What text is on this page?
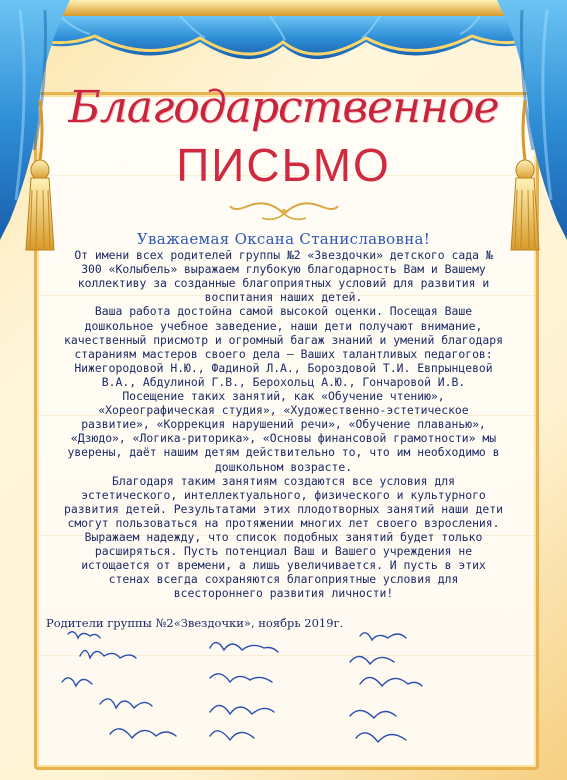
Благодарственное
ПИСЬМО
Уважаемая Оксана Станиславовна!
От имени всех родителей группы №2 «Звездочки» детского сада № 300 «Колыбель» выражаем глубокую благодарность Вам и Вашему коллективу за созданные благоприятных условий для развития и воспитания наших детей.
Ваша работа достойна самой высокой оценки. Посещая Ваше дошкольное учебное заведение, наши дети получают внимание, качественный присмотр и огромный багаж знаний и умений благодаря стараниям мастеров своего дела – Ваших талантливых педагогов: Нижегородовой Н.Ю., Фадиной Л.А., Бороздовой Т.И. Евпрынцевой В.А., Абдулиной Г.В., Берохольц А.Ю., Гончаровой И.В.
Посещение таких занятий, как «Обучение чтению», «Хореографическая студия», «Художественно-эстетическое развитие», «Коррекция нарушений речи», «Обучение плаванью», «Дзюдо», «Логика-риторика», «Основы финансовой грамотности» мы уверены, даёт нашим детям действительно то, что им необходимо в дошкольном возрасте.
Благодаря таким занятиям создаются все условия для эстетического, интеллектуального, физического и культурного развития детей. Результатами этих плодотворных занятий наши дети смогут пользоваться на протяжении многих лет своего взросления.
Выражаем надежду, что список подобных занятий будет только расширяться. Пусть потенциал Ваш и Вашего учреждения не истощается от времени, а лишь увеличивается. И пусть в этих стенах всегда сохраняются благоприятные условия для всестороннего развития личности!
Родители группы №2«Звездочки», ноябрь 2019г.
